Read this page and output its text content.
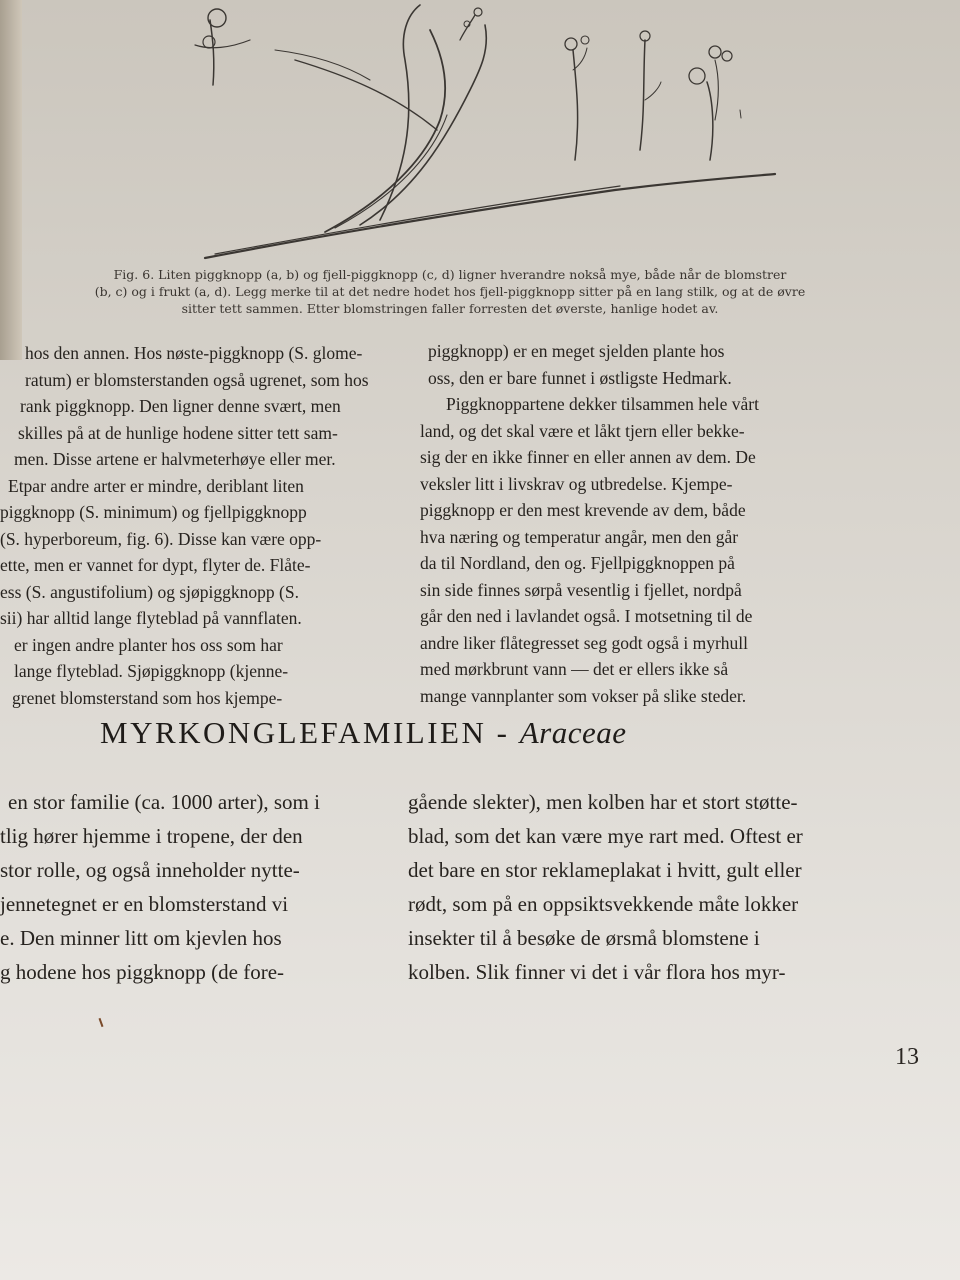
Fig. 6. Liten piggknopp (a, b) og fjell-piggknopp (c, d) ligner hverandre nokså mye, både når de blomstrer
(b, c) og i frukt (a, d). Legg merke til at det nedre hodet hos fjell-piggknopp sitter på en lang stilk, og at de øvre
sitter tett sammen. Etter blomstringen faller forresten det øverste, hanlige hodet av.
hos den annen. Hos nøste-piggknopp (S. glome-
ratum) er blomsterstanden også ugrenet, som hos
rank piggknopp. Den ligner denne svært, men
skilles på at de hunlige hodene sitter tett sam-
men. Disse artene er halvmeterhøye eller mer.
Etpar andre arter er mindre, deriblant liten
piggknopp (S. minimum) og fjellpiggknopp
(S. hyperboreum, fig. 6). Disse kan være opp-
ette, men er vannet for dypt, flyter de. Flåte-
ess (S. angustifolium) og sjøpiggknopp (S.
sii) har alltid lange flyteblad på vannflaten.
er ingen andre planter hos oss som har
lange flyteblad. Sjøpiggknopp (kjenne-
grenet blomsterstand som hos kjempe-
piggknopp) er en meget sjelden plante hos
oss, den er bare funnet i østligste Hedmark.
Piggknoppartene dekker tilsammen hele vårt
land, og det skal være et låkt tjern eller bekke-
sig der en ikke finner en eller annen av dem. De
veksler litt i livskrav og utbredelse. Kjempe-
piggknopp er den mest krevende av dem, både
hva næring og temperatur angår, men den går
da til Nordland, den og. Fjellpiggknoppen på
sin side finnes sørpå vesentlig i fjellet, nordpå
går den ned i lavlandet også. I motsetning til de
andre liker flåtegresset seg godt også i myrhull
med mørkbrunt vann — det er ellers ikke så
mange vannplanter som vokser på slike steder.
MYRKONGLEFAMILIEN - Araceae
en stor familie (ca. 1000 arter), som i
tlig hører hjemme i tropene, der den
stor rolle, og også inneholder nytte-
jennetegnet er en blomsterstand vi
e. Den minner litt om kjevlen hos
g hodene hos piggknopp (de fore-
gående slekter), men kolben har et stort støtte-
blad, som det kan være mye rart med. Oftest er
det bare en stor reklameplakat i hvitt, gult eller
rødt, som på en oppsiktsvekkende måte lokker
insekter til å besøke de ørsmå blomstene i
kolben. Slik finner vi det i vår flora hos myr-
13
